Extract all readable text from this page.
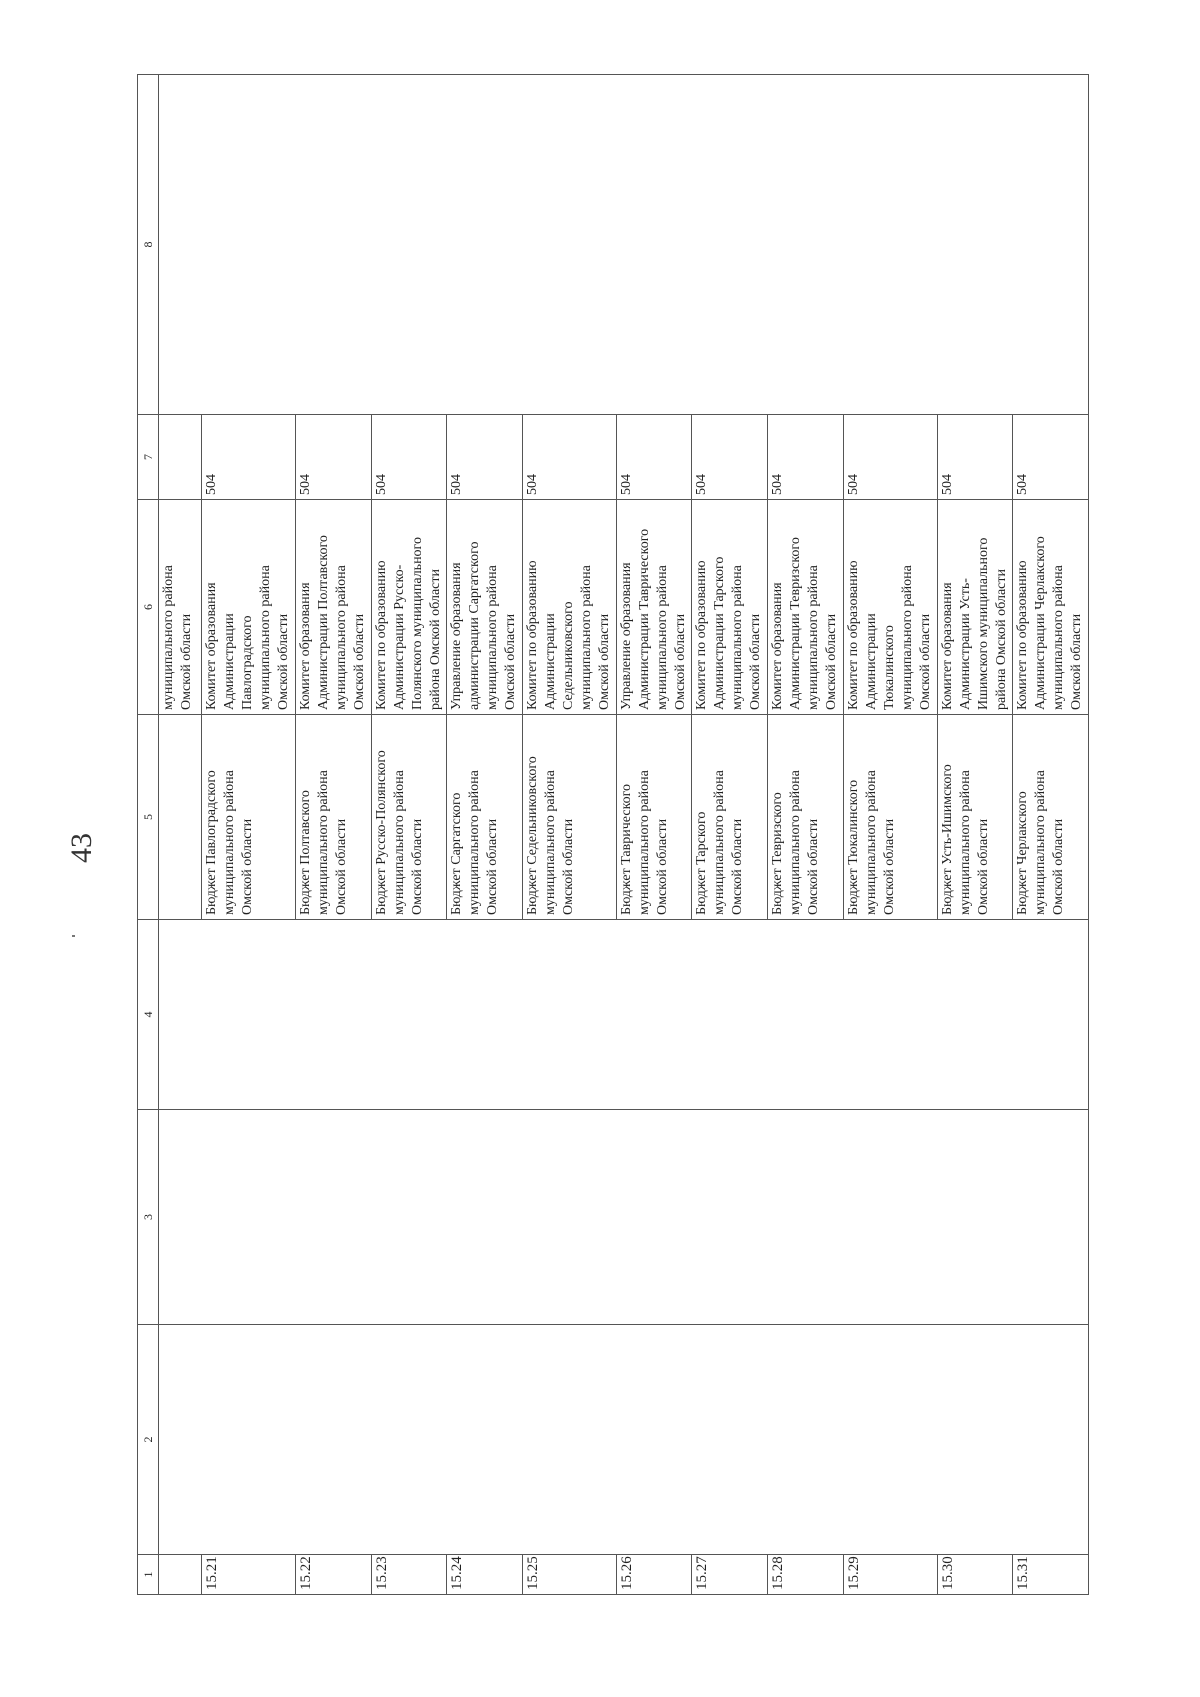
43
1	2	3	4	5	6	7	8

					муниципального района
Омской области		

15.21				Бюджет Павлоградского
муниципального района
Омской области	Комитет образования
Администрации
Павлоградского
муниципального района
Омской области	504	

15.22				Бюджет Полтавского
муниципального района
Омской области	Комитет образования
Администрации Полтавского
муниципального района
Омской области	504	

15.23				Бюджет Русско-Полянского
муниципального района
Омской области	Комитет по образованию
Администрации Русско-
Полянского муниципального
района Омской области	504	

15.24				Бюджет Саргатского
муниципального района
Омской области	Управление образования
администрации Саргатского
муниципального района
Омской области	504	

15.25				Бюджет Седельниковского
муниципального района
Омской области	Комитет по образованию
Администрации
Седельниковского
муниципального района
Омской области	504	

15.26				Бюджет Таврического
муниципального района
Омской области	Управление образования
Администрации Таврического
муниципального района
Омской области	504	

15.27				Бюджет Тарского
муниципального района
Омской области	Комитет по образованию
Администрации Тарского
муниципального района
Омской области	504	

15.28				Бюджет Тевризского
муниципального района
Омской области	Комитет образования
Администрации Тевризского
муниципального района
Омской области	504	

15.29				Бюджет Тюкалинского
муниципального района
Омской области	Комитет по образованию
Администрации
Тюкалинского
муниципального района
Омской области	504	

15.30				Бюджет Усть-Ишимского
муниципального района
Омской области	Комитет образования
Администрации Усть-
Ишимского муниципального
района Омской области	504	

15.31				Бюджет Черлакского
муниципального района
Омской области	Комитет по образованию
Администрации Черлакского
муниципального района
Омской области	504	
